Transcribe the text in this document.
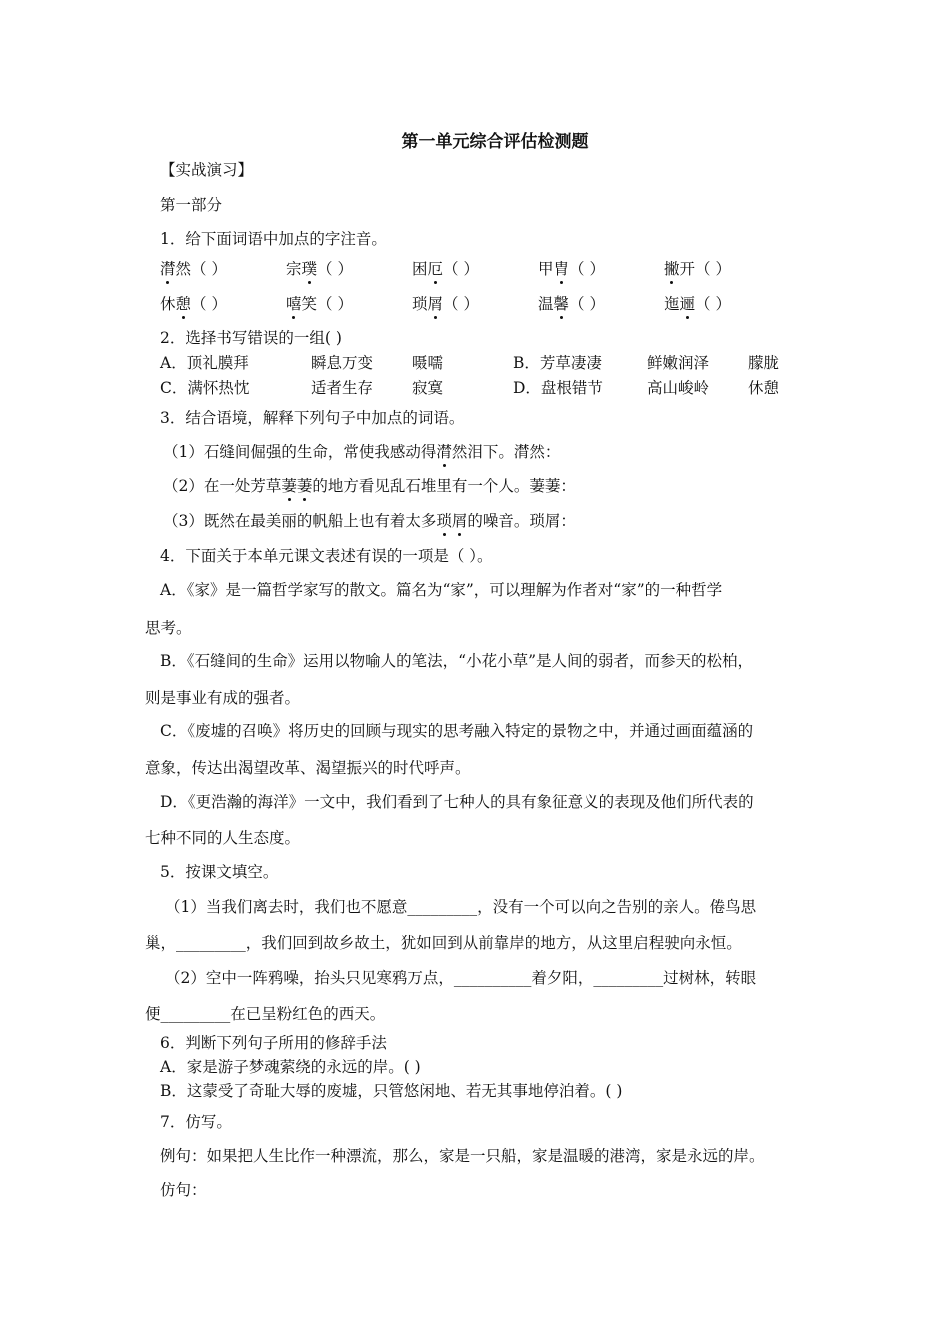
第一单元综合评估检测题
【实战演习】
第一部分
1．给下面词语中加点的字注音。
潸然（ ）	宗璞（ ）	困厄（ ）	甲胄（ ）	撇开（ ）
休憩（ ）	嘻笑（ ）	琐屑（ ）	温馨（ ）	迤逦（ ）
2．选择书写错误的一组( )
A．顶礼膜拜	瞬息万变	嗫嚅	B．芳草凄凄	鲜嫩润泽	朦胧
C．满怀热忱	适者生存	寂寞	D．盘根错节	高山峻岭	休憩
3．结合语境，解释下列句子中加点的词语。
（1）石缝间倔强的生命，常使我感动得潸然泪下。潸然：
（2）在一处芳草萋萋的地方看见乱石堆里有一个人。萋萋：
（3）既然在最美丽的帆船上也有着太多琐屑的噪音。琐屑：
4．下面关于本单元课文表述有误的一项是（ ）。
A．《家》是一篇哲学家写的散文。篇名为“家”，可以理解为作者对“家”的一种哲学
思考。
B．《石缝间的生命》运用以物喻人的笔法，“小花小草”是人间的弱者，而参天的松柏，
则是事业有成的强者。
C．《废墟的召唤》将历史的回顾与现实的思考融入特定的景物之中，并通过画面蕴涵的
意象，传达出渴望改革、渴望振兴的时代呼声。
D．《更浩瀚的海洋》一文中，我们看到了七种人的具有象征意义的表现及他们所代表的
七种不同的人生态度。
5．按课文填空。
（1）当我们离去时，我们也不愿意_________，没有一个可以向之告别的亲人。倦鸟思
巢，_________，我们回到故乡故土，犹如回到从前靠岸的地方，从这里启程驶向永恒。
（2）空中一阵鸦噪，抬头只见寒鸦万点，__________着夕阳，_________过树林，转眼
便_________在已呈粉红色的西天。
6．判断下列句子所用的修辞手法
A．家是游子梦魂萦绕的永远的岸。( )
B．这蒙受了奇耻大辱的废墟，只管悠闲地、若无其事地停泊着。( )
7．仿写。
例句：如果把人生比作一种漂流，那么，家是一只船，家是温暖的港湾，家是永远的岸。
仿句：
